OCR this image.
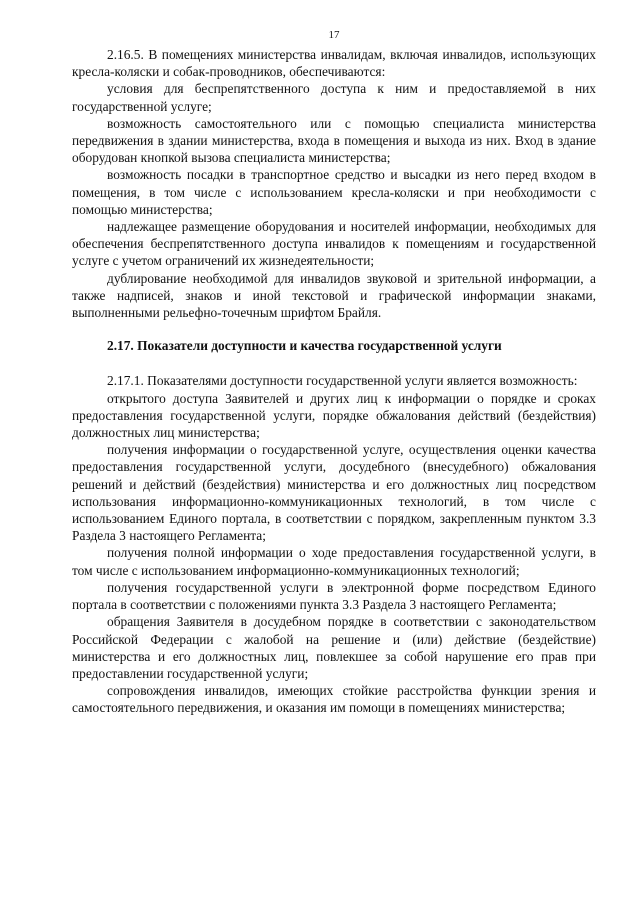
17

2.16.5. В помещениях министерства инвалидам, включая инвалидов, использующих кресла-коляски и собак-проводников, обеспечиваются:

условия для беспрепятственного доступа к ним и предоставляемой в них государственной услуге;

возможность самостоятельного или с помощью специалиста министерства передвижения в здании министерства, входа в помещения и выхода из них. Вход в здание оборудован кнопкой вызова специалиста министерства;

возможность посадки в транспортное средство и высадки из него перед входом в помещения, в том числе с использованием кресла-коляски и при необходимости с помощью министерства;

надлежащее размещение оборудования и носителей информации, необходимых для обеспечения беспрепятственного доступа инвалидов к помещениям и государственной услуге с учетом ограничений их жизнедеятельности;

дублирование необходимой для инвалидов звуковой и зрительной информации, а также надписей, знаков и иной текстовой и графической информации знаками, выполненными рельефно-точечным шрифтом Брайля.

2.17. Показатели доступности и качества государственной услуги

2.17.1. Показателями доступности государственной услуги является возможность:

открытого доступа Заявителей и других лиц к информации о порядке и сроках предоставления государственной услуги, порядке обжалования действий (бездействия) должностных лиц министерства;

получения информации о государственной услуге, осуществления оценки качества предоставления государственной услуги, досудебного (внесудебного) обжалования решений и действий (бездействия) министерства и его должностных лиц посредством использования информационно-коммуникационных технологий, в том числе с использованием Единого портала, в соответствии с порядком, закрепленным пунктом 3.3 Раздела 3 настоящего Регламента;

получения полной информации о ходе предоставления государственной услуги, в том числе с использованием информационно-коммуникационных технологий;

получения государственной услуги в электронной форме посредством Единого портала в соответствии с положениями пункта 3.3 Раздела 3 настоящего Регламента;

обращения Заявителя в досудебном порядке в соответствии с законодательством Российской Федерации с жалобой на решение и (или) действие (бездействие) министерства и его должностных лиц, повлекшее за собой нарушение его прав при предоставлении государственной услуги;

сопровождения инвалидов, имеющих стойкие расстройства функции зрения и самостоятельного передвижения, и оказания им помощи в помещениях министерства;
